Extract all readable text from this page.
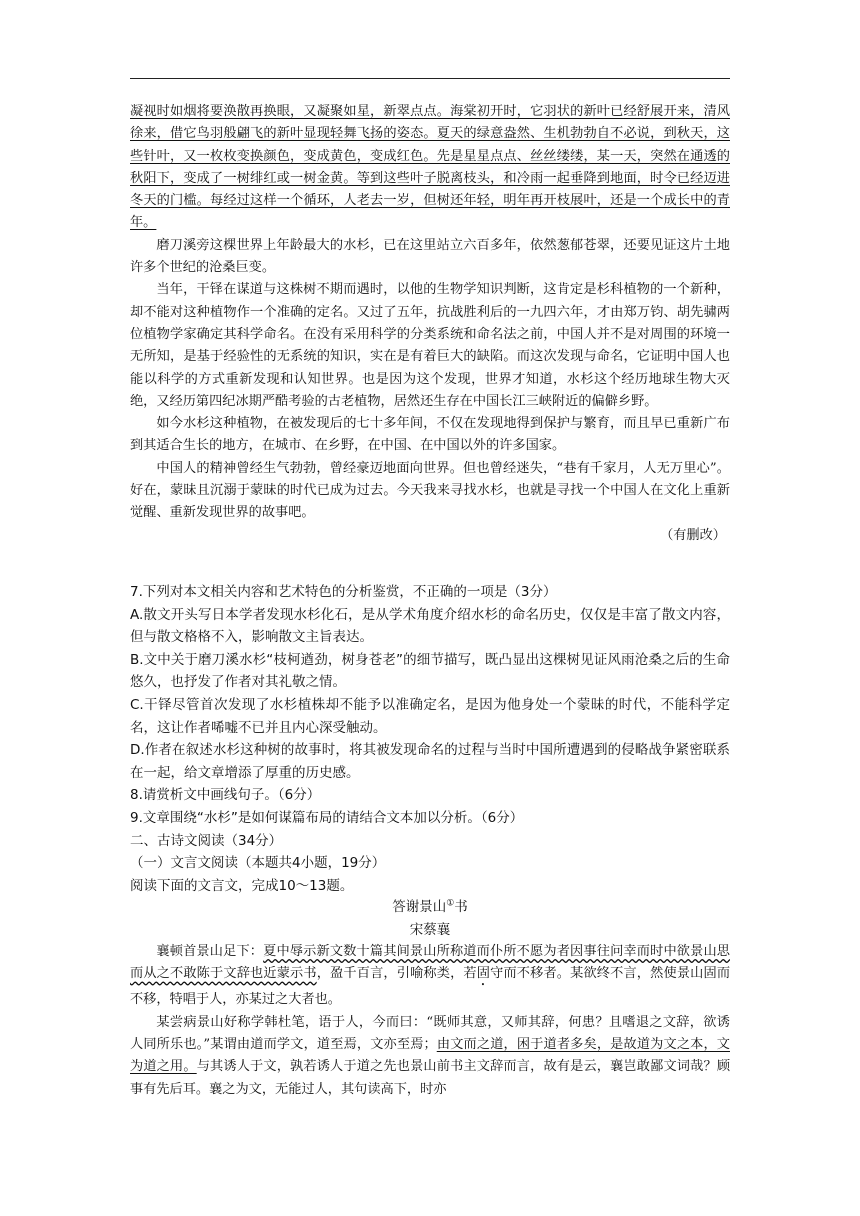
凝视时如烟将要涣散再换眼，又凝聚如星，新翠点点。海棠初开时，它羽状的新叶已经舒展开来，清风徐来，借它鸟羽般翩飞的新叶显现轻舞飞扬的姿态。夏天的绿意盎然、生机勃勃自不必说，到秋天，这些针叶，又一枚枚变换颜色，变成黄色，变成红色。先是星星点点、丝丝缕缕，某一天，突然在通透的秋阳下，变成了一树绯红或一树金黄。等到这些叶子脱离枝头，和冷雨一起垂降到地面，时令已经迈进冬天的门槛。每经过这样一个循环，人老去一岁，但树还年轻，明年再开枝展叶，还是一个成长中的青年。

磨刀溪旁这棵世界上年龄最大的水杉，已在这里站立六百多年，依然葱郁苍翠，还要见证这片土地许多个世纪的沧桑巨变。

当年，干铎在谋道与这株树不期而遇时，以他的生物学知识判断，这肯定是杉科植物的一个新种，却不能对这种植物作一个准确的定名。又过了五年，抗战胜利后的一九四六年，才由郑万钧、胡先骕两位植物学家确定其科学命名。在没有采用科学的分类系统和命名法之前，中国人并不是对周围的环境一无所知，是基于经验性的无系统的知识，实在是有着巨大的缺陷。而这次发现与命名，它证明中国人也能以科学的方式重新发现和认知世界。也是因为这个发现，世界才知道，水杉这个经历地球生物大灭绝，又经历第四纪冰期严酷考验的古老植物，居然还生存在中国长江三峡附近的偏僻乡野。

如今水杉这种植物，在被发现后的七十多年间，不仅在发现地得到保护与繁育，而且早已重新广布到其适合生长的地方，在城市、在乡野，在中国、在中国以外的许多国家。

中国人的精神曾经生气勃勃，曾经豪迈地面向世界。但也曾经迷失，“巷有千家月，人无万里心”。好在，蒙昧且沉溺于蒙昧的时代已成为过去。今天我来寻找水杉，也就是寻找一个中国人在文化上重新觉醒、重新发现世界的故事吧。

（有删改）

7.下列对本文相关内容和艺术特色的分析鉴赏，不正确的一项是（3分）

A.散文开头写日本学者发现水杉化石，是从学术角度介绍水杉的命名历史，仅仅是丰富了散文内容，但与散文格格不入，影响散文主旨表达。

B.文中关于磨刀溪水杉“枝柯遒劲，树身苍老”的细节描写，既凸显出这棵树见证风雨沧桑之后的生命悠久，也抒发了作者对其礼敬之情。

C.干铎尽管首次发现了水杉植株却不能予以准确定名，是因为他身处一个蒙昧的时代，不能科学定名，这让作者唏嘘不已并且内心深受触动。

D.作者在叙述水杉这种树的故事时，将其被发现命名的过程与当时中国所遭遇到的侵略战争紧密联系在一起，给文章增添了厚重的历史感。

8.请赏析文中画线句子。（6分）

9.文章围绕“水杉”是如何谋篇布局的请结合文本加以分析。（6分）

二、古诗文阅读（34分）

（一）文言文阅读（本题共4小题，19分）

阅读下面的文言文，完成10～13题。

答谢景山①书

宋蔡襄

襄顿首景山足下：夏中辱示新文数十篇其间景山所称道而仆所不愿为者因事往问幸而时中欲景山思而从之不敢陈于文辞也近蒙示书，盈千百言，引喻称类，若固守而不移者。某欲终不言，然使景山固而不移，特唱于人，亦某过之大者也。

某尝病景山好称学韩杜笔，语于人，今而曰：“既师其意，又师其辞，何患？且嗜退之文辞，欲诱人同所乐也。”某谓由道而学文，道至焉，文亦至焉；由文而之道，困于道者多矣，是故道为文之本，文为道之用。与其诱人于文，孰若诱人于道之先也景山前书主文辞而言，故有是云，襄岂敢鄙文词哉？顾事有先后耳。襄之为文，无能过人，其句读高下，时亦
